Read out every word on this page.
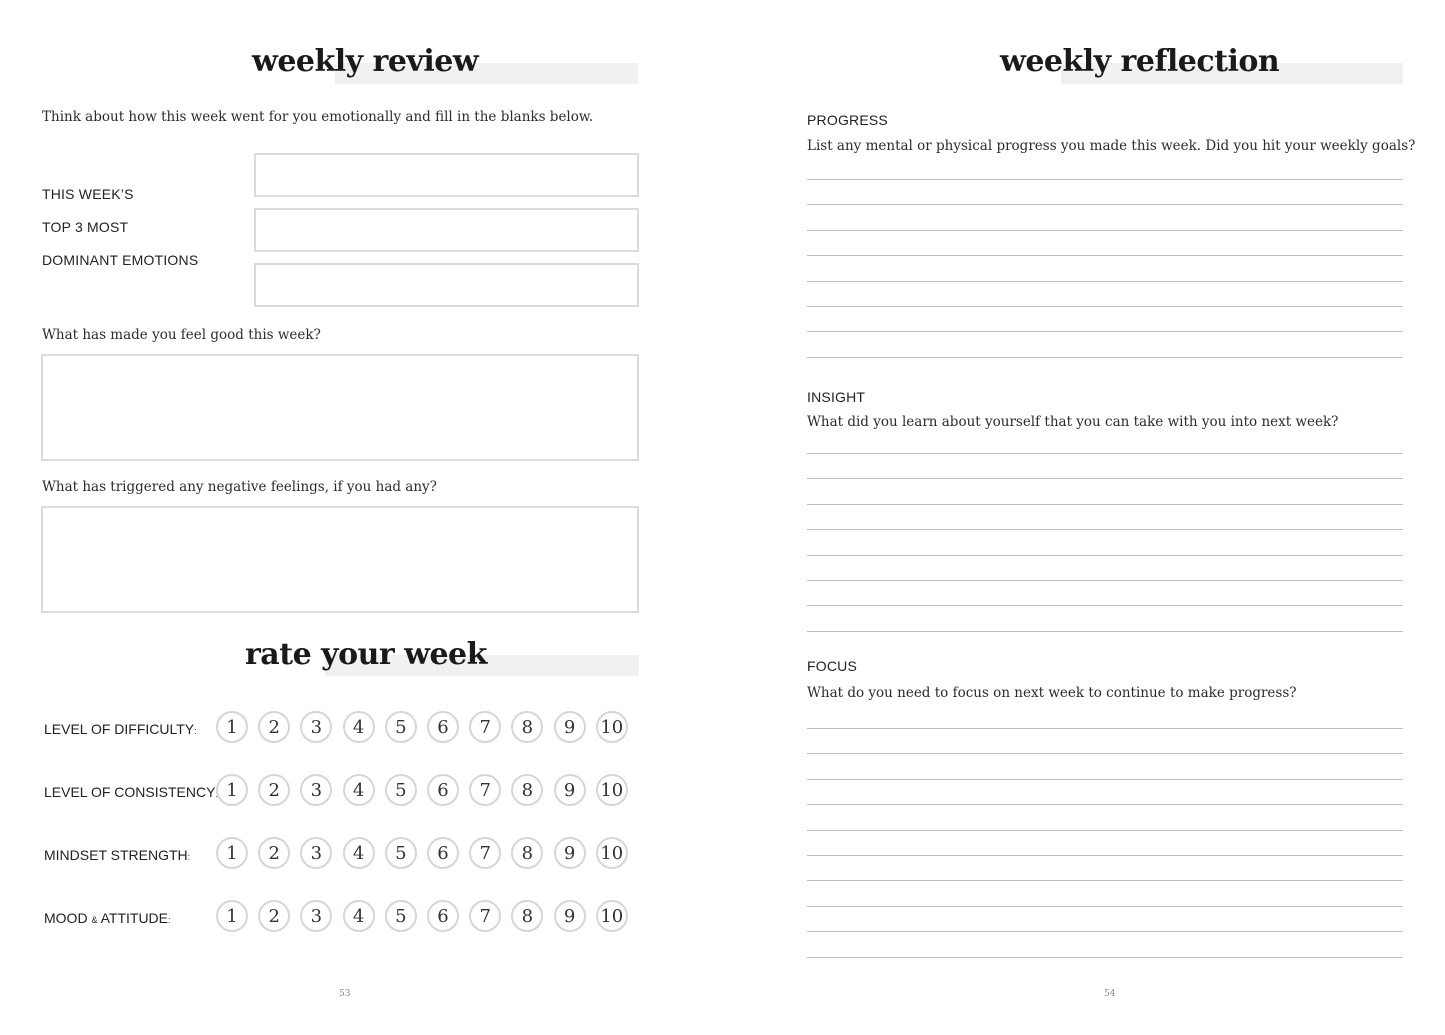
weekly review
Think about how this week went for you emotionally and fill in the blanks below.
THIS WEEK’S
TOP 3 MOST
DOMINANT EMOTIONS
What has made you feel good this week?
What has triggered any negative feelings, if you had any?
rate your week
LEVEL OF DIFFICULTY:	1	2	3	4	5	6	7	8	9	10
LEVEL OF CONSISTENCY 1	2	3	4	5	6	7	8	9	10
MINDSET STRENGTH:	1	2	3	4	5	6	7	8	9	10
MOOD & ATTITUDE:	1	2	3	4	5	6	7	8	9	10
53
weekly reflection
PROGRESS
List any mental or physical progress you made this week. Did you hit your weekly goals?
INSIGHT
What did you learn about yourself that you can take with you into next week?
FOCUS
What do you need to focus on next week to continue to make progress?
54
